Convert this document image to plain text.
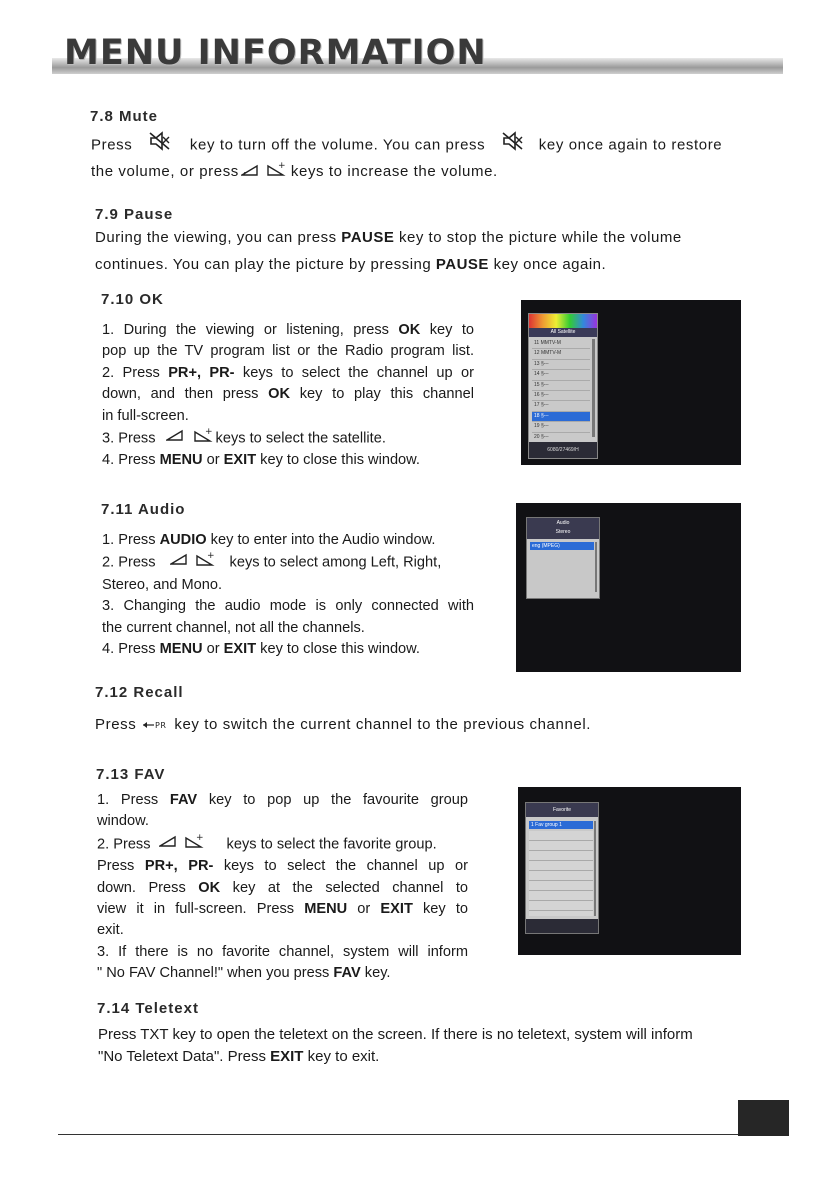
MENU INFORMATION
7.8 Mute
Press	key to turn off the volume. You can press	key once again to restore
the volume, or press _	+ keys to increase the volume.
7.9 Pause
During the viewing, you can press PAUSE key to stop the picture while the volume
continues. You can play the picture by pressing PAUSE key once again.
7.10 OK
1. During the viewing or listening, press OK key to
pop up the TV program list or the Radio program list.
2. Press PR+, PR- keys to select the channel up or
down, and then press OK key to play this channel
in full-screen.
3. Press	+ keys to select the satellite.
4. Press MENU or EXIT key to close this window.
All Satellite
11 MMTV-M
12 MMTV-M
13 §---
14 §---
15 §---
16 §---
17 §---
18 §---
19 §---
20 §---
6080/27469/H
7.11 Audio
1. Press AUDIO key to enter into the Audio window.
2. Press	+ keys to select among Left, Right,
Stereo, and Mono.
3. Changing the audio mode is only connected with
the current channel, not all the channels.
4. Press MENU or EXIT key to close this window.
Audio
Stereo
eng (MPEG)
7.12 Recall
Press PR key to switch the current channel to the previous channel.
7.13 FAV
1. Press FAV key to pop up the favourite group
window.
2. Press	+ keys to select the favorite group.
Press PR+, PR- keys to select the channel up or
down. Press OK key at the selected channel to
view it in full-screen. Press MENU or EXIT key to
exit.
3. If there is no favorite channel, system will inform
" No FAV Channel!" when you press FAV key.
Favorite
1 Fav group 1
7.14 Teletext
Press TXT key to open the teletext on the screen. If there is no teletext, system will inform
"No Teletext Data". Press EXIT key to exit.
